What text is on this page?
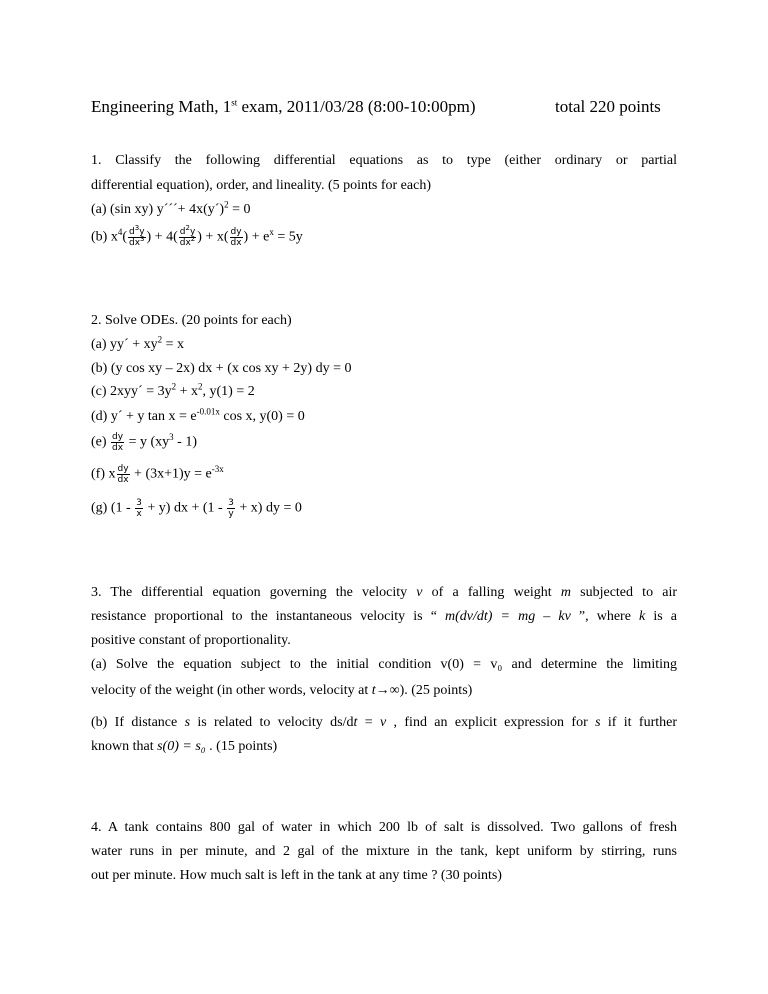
Engineering Math, 1st exam, 2011/03/28 (8:00-10:00pm)	total 220 points
1. Classify the following differential equations as to type (either ordinary or partial
differential equation), order, and lineality. (5 points for each)
(a) (sin xy) y´´´+ 4x(y´)$^2$ = 0
(b) $x^4( \frac{d^3y}{dx^3}$ ) + $4( \frac{d^2y}{dx^2}$ ) + $x( \frac{dy}{dx}$ ) + $e^x = 5y$
2. Solve ODEs. (20 points for each)
(a) yy´ + $xy^2 = x$
(b) (y cos xy – 2x) dx + (x cos xy + 2y) dy = 0
(c) 2xyy´ = $3y^2 + x^2$, y(1) = 2
(d) y´ + y $\tan x = e^{-0.01x}$ cos x, y(0) = 0
$(e) \frac{dy}{dx} = y$ $(xy^3 - 1)$
(f) x $\frac{dy}{dx} + (3x+1)y = e^{-3x}$
(g) $(1 - \frac{3}{x} + y)$ dx + $(1 - \frac{3}{y} + x)$ dy = 0
3. The differential equation governing the velocity v of a falling weight m subjected to air
resistance proportional to the instantaneous velocity is “ m(dv/dt) = mg – kv ”, where k is a
positive constant of proportionality.
(a) Solve the equation subject to the initial condition v(0) = v₀ and determine the limiting
velocity of the weight (in other words, velocity at t→∞). (25 points)
(b) If distance s is related to velocity ds/dt = v , find an explicit expression for s if it further
known that s(0) = s₀ . (15 points)
4. A tank contains 800 gal of water in which 200 lb of salt is dissolved. Two gallons of fresh
water runs in per minute, and 2 gal of the mixture in the tank, kept uniform by stirring, runs
out per minute. How much salt is left in the tank at any time ? (30 points)
